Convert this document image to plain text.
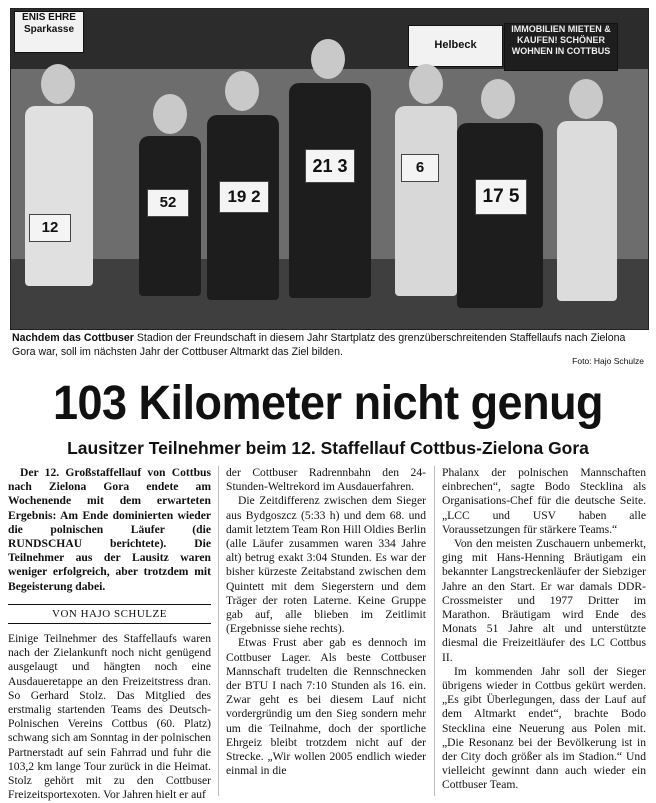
ENIS EHRE Sparkasse
Helbeck
IMMOBILIEN MIETEN & KAUFEN! SCHÖNER WOHNEN IN COTTBUS
12
52	19 2
21 3	6
17 5
Nachdem das Cottbuser Stadion der Freundschaft in diesem Jahr Startplatz des grenzüberschreitenden Staffellaufs nach Zielona Gora war, soll im nächsten Jahr der Cottbuser Altmarkt das Ziel bilden.
Foto: Hajo Schulze
103 Kilometer nicht genug
Lausitzer Teilnehmer beim 12. Staffellauf Cottbus-Zielona Gora

Der 12. Großstaffellauf von Cottbus nach Zielona Gora endete am Wochenende mit dem erwarteten Ergebnis: Am Ende dominierten wieder die polnischen Läufer (die RUNDSCHAU berichtete). Die Teilnehmer aus der Lausitz waren weniger erfolgreich, aber trotzdem mit Begeisterung dabei.

VON HAJO SCHULZE

Einige Teilnehmer des Staffellaufs waren nach der Zielankunft noch nicht genügend ausgelaugt und hängten noch eine Ausdaueretappe an den Freizeitstress dran. So Gerhard Stolz. Das Mitglied des erstmalig startenden Teams des Deutsch-Polnischen Vereins Cottbus (60. Platz) schwang sich am Sonntag in der polnischen Partnerstadt auf sein Fahrrad und fuhr die 103,2 km lange Tour zurück in die Heimat. Stolz gehört mit zu den Cottbuser Freizeitsportexoten. Vor Jahren hielt er auf

der Cottbuser Radrennbahn den 24-Stunden-Weltrekord im Ausdauerfahren.

Die Zeitdifferenz zwischen dem Sieger aus Bydgoszcz (5:33 h) und dem 68. und damit letztem Team Ron Hill Oldies Berlin (alle Läufer zusammen waren 334 Jahre alt) betrug exakt 3:04 Stunden. Es war der bisher kürzeste Zeitabstand zwischen dem Quintett mit dem Siegerstern und dem Träger der roten Laterne. Keine Gruppe gab auf, alle blieben im Zeitlimit (Ergebnisse siehe rechts).

Etwas Frust aber gab es dennoch im Cottbuser Lager. Als beste Cottbuser Mannschaft trudelten die Rennschnecken der BTU I nach 7:10 Stunden als 16. ein. Zwar geht es bei diesem Lauf nicht vordergründig um den Sieg sondern mehr um die Teilnahme, doch der sportliche Ehrgeiz bleibt trotzdem nicht auf der Strecke. „Wir wollen 2005 endlich wieder einmal in die

Phalanx der polnischen Mannschaften einbrechen“, sagte Bodo Stecklina als Organisations-Chef für die deutsche Seite. „LCC und USV haben alle Voraussetzungen für stärkere Teams.“

Von den meisten Zuschauern unbemerkt, ging mit Hans-Henning Bräutigam ein bekannter Langstreckenläufer der Siebziger Jahre an den Start. Er war damals DDR-Crossmeister und 1977 Dritter im Marathon. Bräutigam wird Ende des Monats 51 Jahre alt und unterstützte diesmal die Freizeitläufer des LC Cottbus II.

Im kommenden Jahr soll der Sieger übrigens wieder in Cottbus gekürt werden. „Es gibt Überlegungen, dass der Lauf auf dem Altmarkt endet“, brachte Bodo Stecklina eine Neuerung aus Polen mit. „Die Resonanz bei der Bevölkerung ist in der City doch größer als im Stadion.“ Und vielleicht gewinnt dann auch wieder ein Cottbuser Team.
